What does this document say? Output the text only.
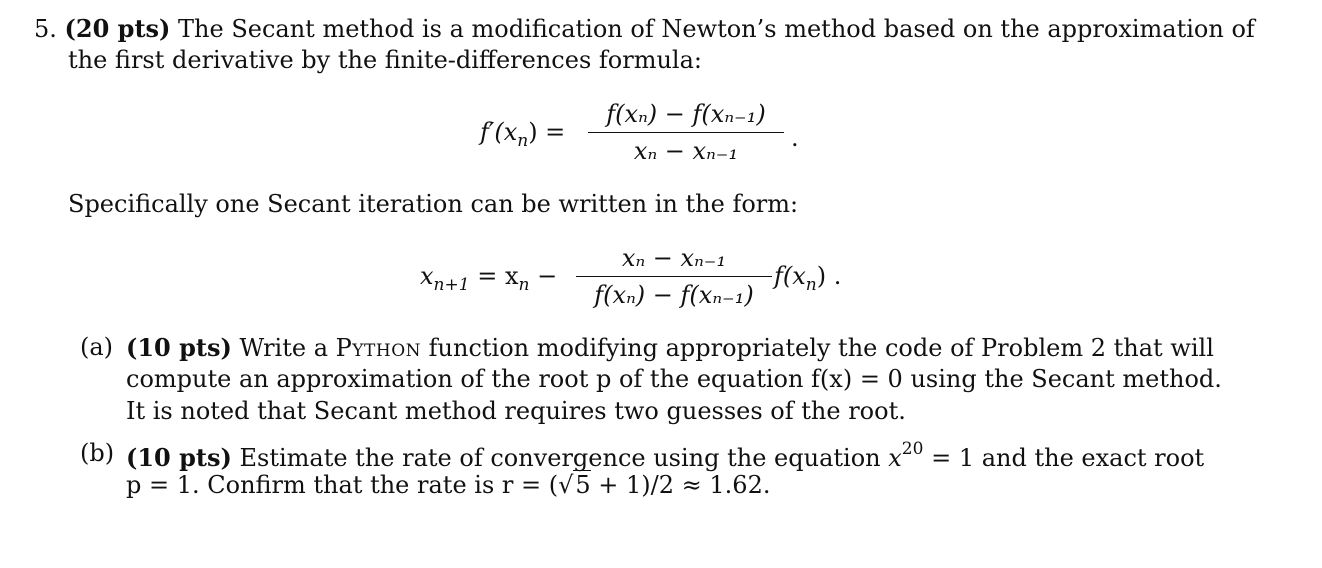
5. (20 pts) The Secant method is a modification of Newton’s method based on the approximation of
the first derivative by the finite-differences formula:
$f'(x_n)$ =
f(xₙ) − f(xₙ₋₁)
xₙ − xₙ₋₁	.
Specifically one Secant iteration can be written in the form:
$x_{n+1} = x_n$ −
xₙ − xₙ₋₁
f(xₙ) − f(xₙ₋₁)
$f(x_n)$ .
(a) (10 pts) Write a Python function modifying appropriately the code of Problem 2 that will
compute an approximation of the root p of the equation f(x) = 0 using the Secant method.
It is noted that Secant method requires two guesses of the root.
(b) (10 pts) Estimate the rate of convergence using the equation $x^{20} = 1$ and the exact root
p = 1. Confirm that the rate is r = (√5 + 1)/2 ≈ 1.62.
